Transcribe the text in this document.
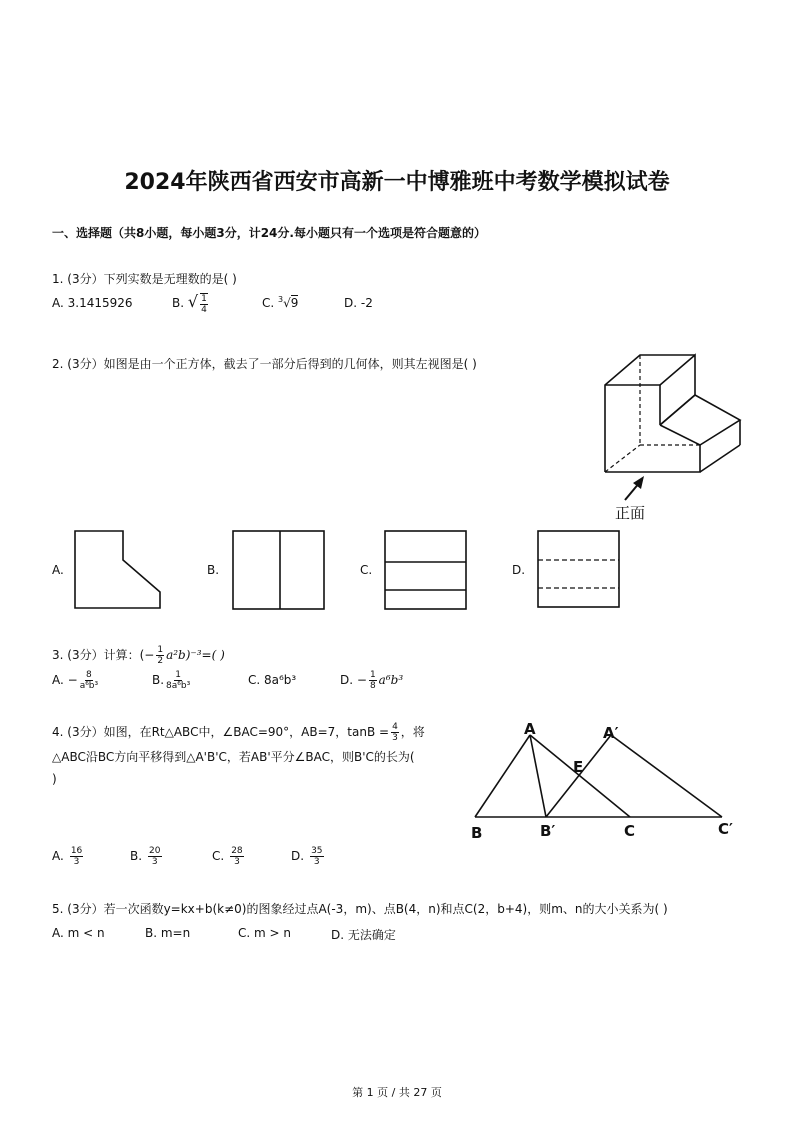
2024年陕西省西安市高新一中博雅班中考数学模拟试卷
一、选择题（共8小题，每小题3分，计24分.每小题只有一个选项是符合题意的）
1. (3分）下列实数是无理数的是( )
A. 3.1415926	B. √ $\frac{1}{4}$	C. $^3$√9	D. -2
2. (3分）如图是由一个正方体，截去了一部分后得到的几何体，则其左视图是( )
正面
A.	B.	C.	D.
3. (3分）计算：(− $\frac{1}{2} a^2b)^{-3}=$( )
A. − $\frac{8}{\text{a⁶b³}}$	B. $\frac{1}{\text{8a⁶b³}}$	C. 8a⁶b³	D. − $\frac{1}{8} a^6b^3$
4. (3分）如图，在Rt△ABC中，∠BAC=90°，AB=7，$\tan B = \frac{4}{3}$ ，将
△ABC沿BC方向平移得到△A'B'C，若AB'平分∠BAC，则B'C的长为(
)
A	A′
E
B	B′	C	C′
A. $\frac{16}{3}$	B. $\frac{20}{3}$	C. $\frac{28}{3}$	D. $\frac{35}{3}$
5. (3分）若一次函数y=kx+b(k≠0)的图象经过点A(-3，m)、点B(4，n)和点C(2，b+4)，则m、n的大小关系为( )
A. m < n	B. m=n	C. m > n	D. 无法确定
第 1 页 / 共 27 页
